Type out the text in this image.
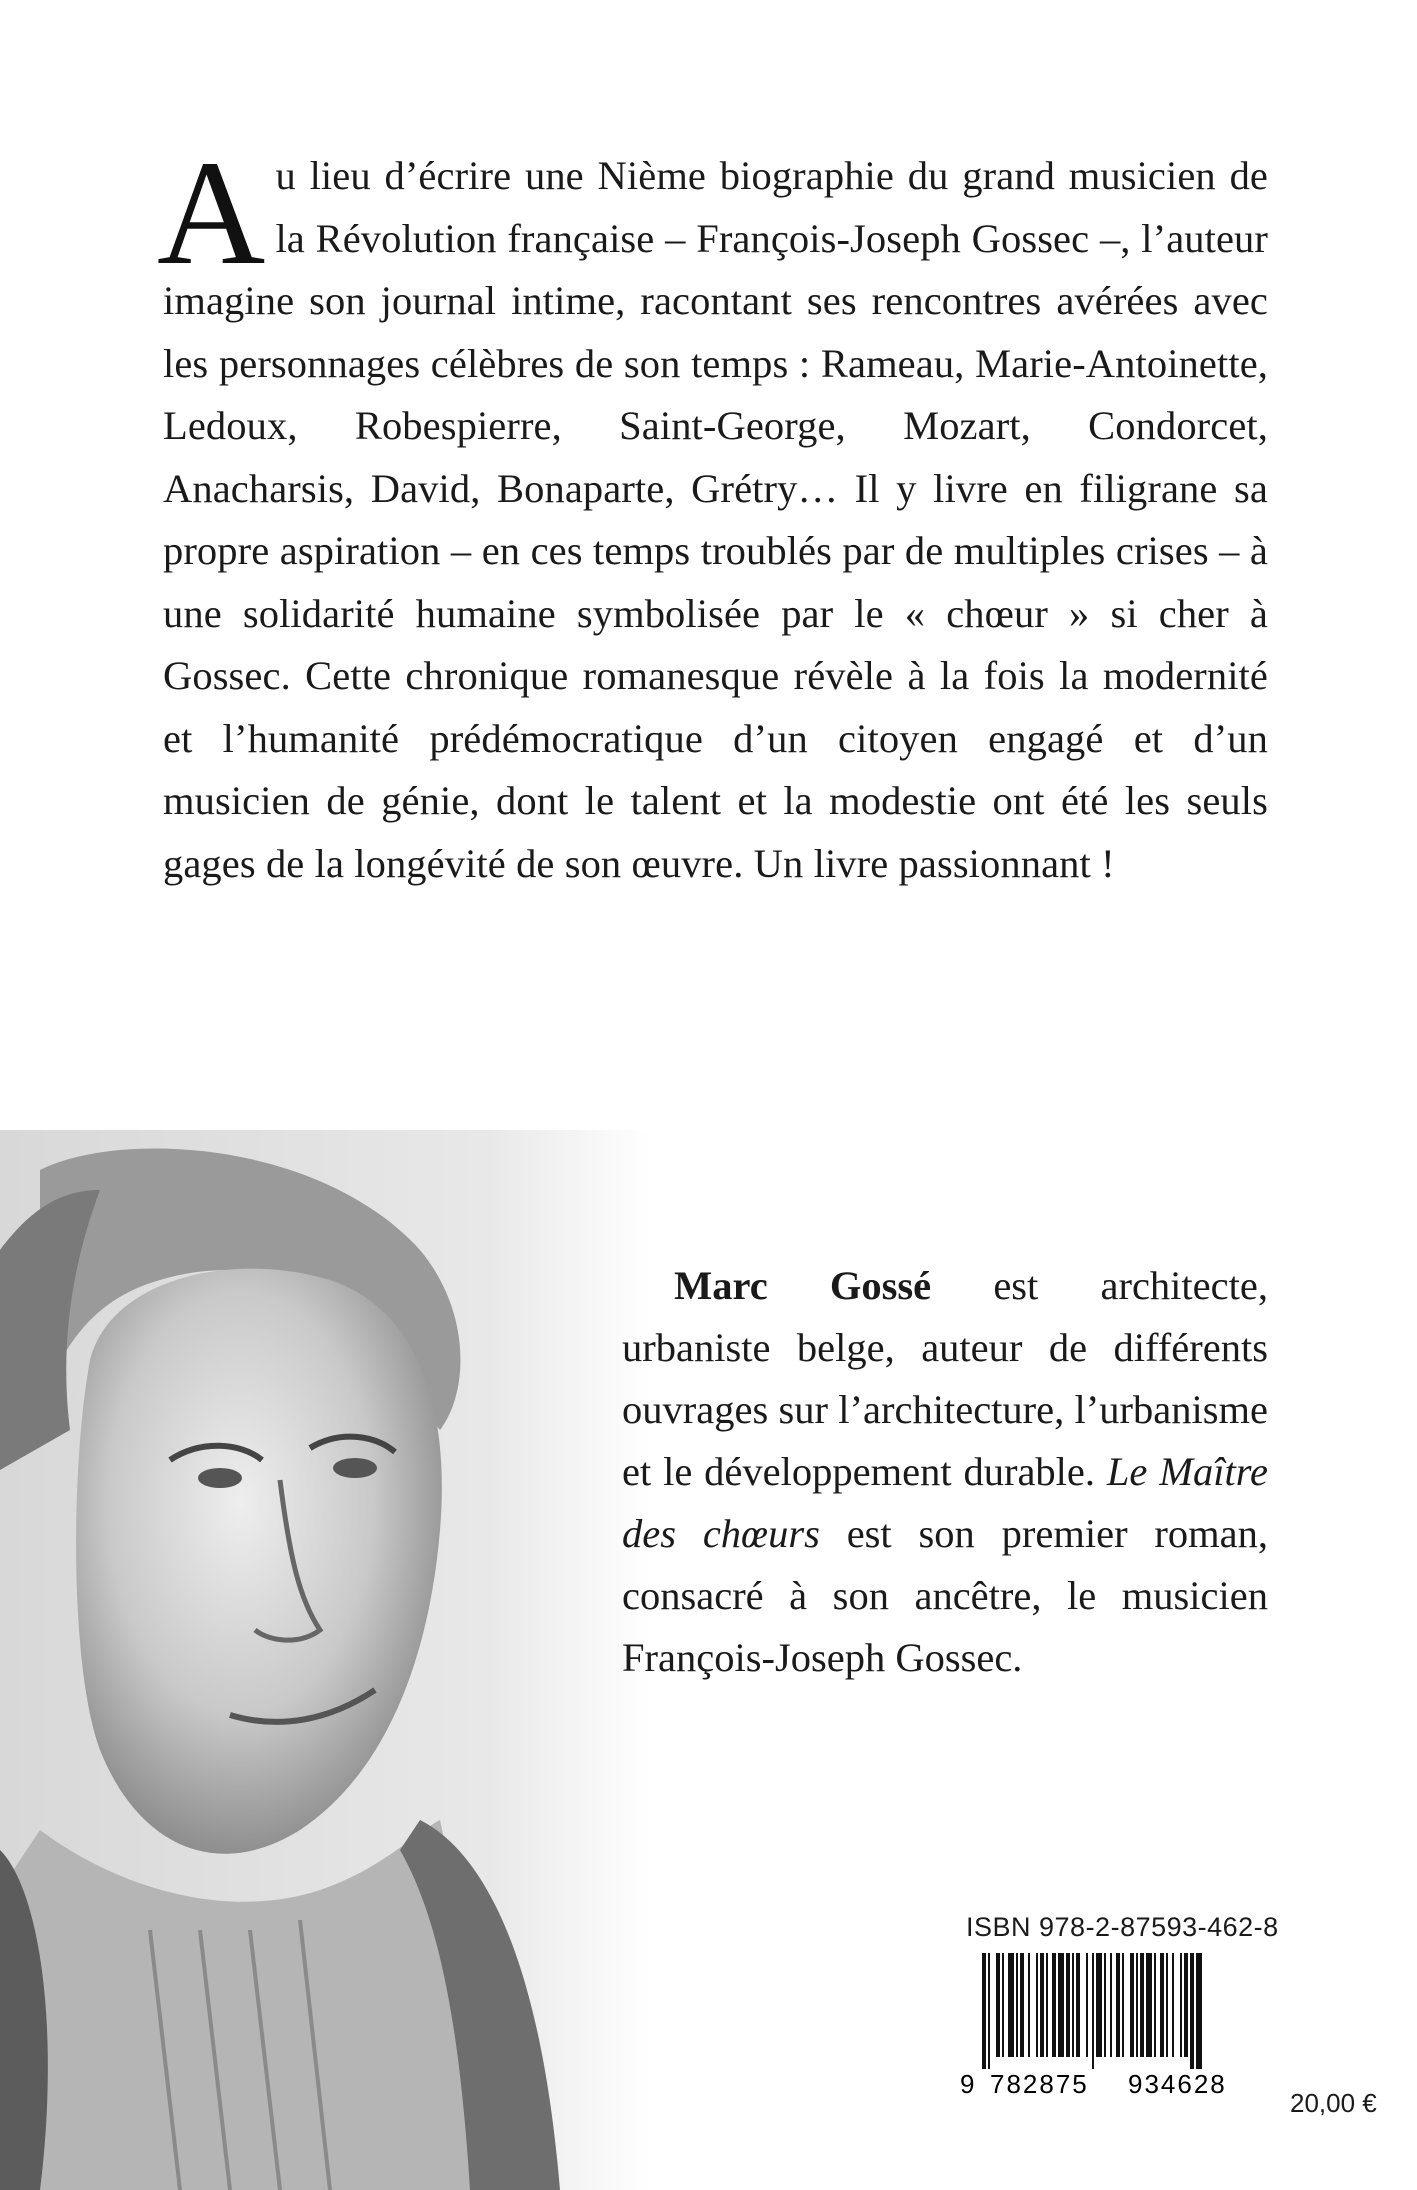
Au lieu d’écrire une Nième biographie du grand musicien de la Révolution française – François-Joseph Gossec –, l’auteur imagine son journal intime, racontant ses rencontres avérées avec les personnages célèbres de son temps : Rameau, Marie-Antoinette, Ledoux, Robespierre, Saint-George, Mozart, Condorcet, Anacharsis, David, Bonaparte, Grétry… Il y livre en filigrane sa propre aspiration – en ces temps troublés par de multiples crises – à une solidarité humaine symbolisée par le « chœur » si cher à Gossec. Cette chronique romanesque révèle à la fois la modernité et l’humanité prédémocratique d’un citoyen engagé et d’un musicien de génie, dont le talent et la modestie ont été les seuls gages de la longévité de son œuvre. Un livre passionnant !
Marc Gossé est architecte, urbaniste belge, auteur de différents ouvrages sur l’architecture, l’urbanisme et le développement durable. Le Maître des chœurs est son premier roman, consacré à son ancêtre, le musicien François-Joseph Gossec.
ISBN 978-2-87593-462-8
9 782875 934628
20,00 €
